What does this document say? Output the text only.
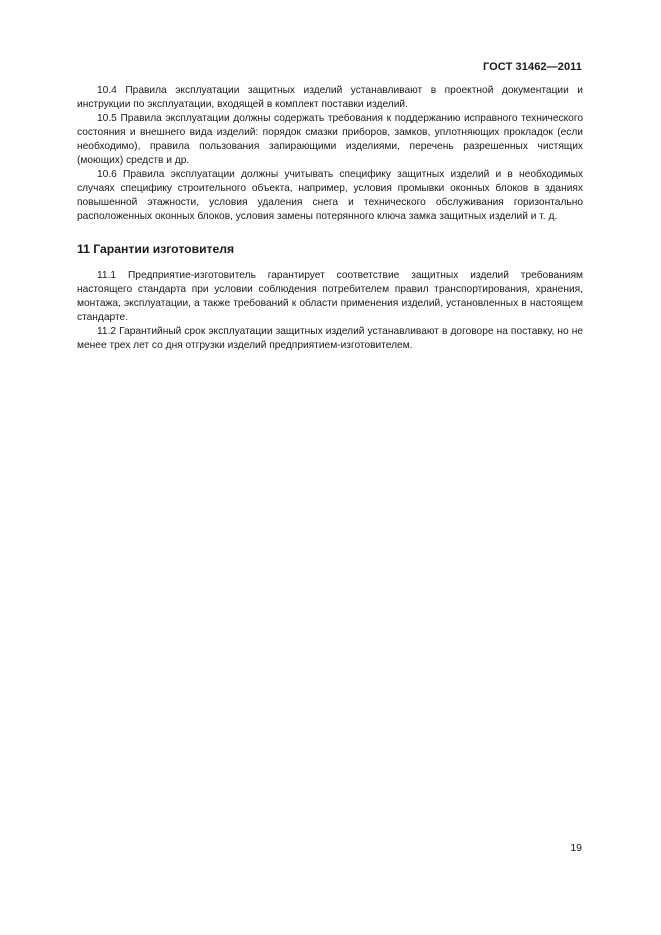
ГОСТ 31462—2011

10.4 Правила эксплуатации защитных изделий устанавливают в проектной документации и инструкции по эксплуатации, входящей в комплект поставки изделий.

10.5 Правила эксплуатации должны содержать требования к поддержанию исправного технического состояния и внешнего вида изделий: порядок смазки приборов, замков, уплотняющих прокладок (если необходимо), правила пользования запирающими изделиями, перечень разрешенных чистящих (моющих) средств и др.

10.6 Правила эксплуатации должны учитывать специфику защитных изделий и в необходимых случаях специфику строительного объекта, например, условия промывки оконных блоков в зданиях повышенной этажности, условия удаления снега и технического обслуживания горизонтально расположенных оконных блоков, условия замены потерянного ключа замка защитных изделий и т. д.

11 Гарантии изготовителя

11.1 Предприятие-изготовитель гарантирует соответствие защитных изделий требованиям настоящего стандарта при условии соблюдения потребителем правил транспортирования, хранения, монтажа, эксплуатации, а также требований к области применения изделий, установленных в настоящем стандарте.

11.2 Гарантийный срок эксплуатации защитных изделий устанавливают в договоре на поставку, но не менее трех лет со дня отгрузки изделий предприятием-изготовителем.

19
